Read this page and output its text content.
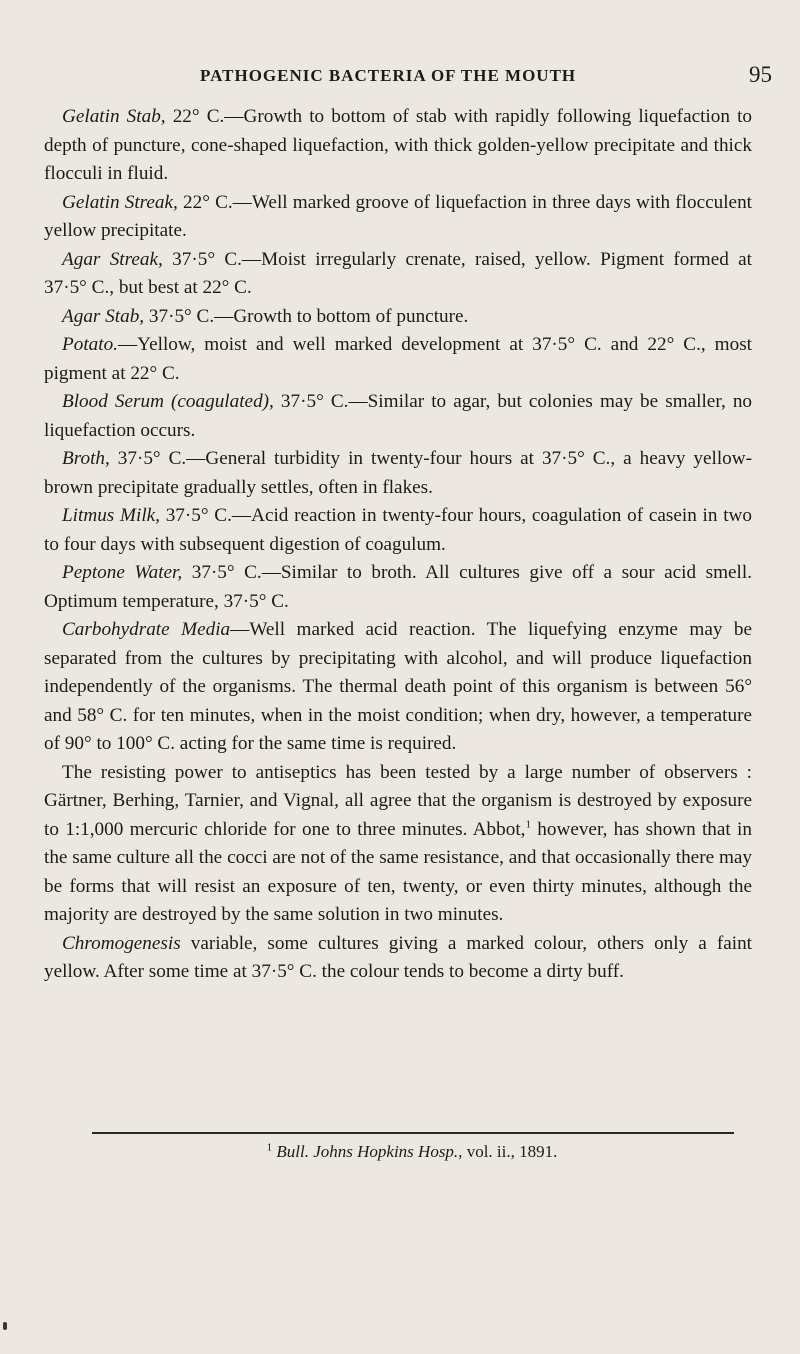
PATHOGENIC BACTERIA OF THE MOUTH	95

Gelatin Stab, 22° C.—Growth to bottom of stab with rapidly following liquefaction to depth of puncture, cone-shaped liquefaction, with thick golden-yellow precipitate and thick flocculi in fluid.

Gelatin Streak, 22° C.—Well marked groove of liquefaction in three days with flocculent yellow precipitate.

Agar Streak, 37·5° C.—Moist irregularly crenate, raised, yellow. Pigment formed at 37·5° C., but best at 22° C.

Agar Stab, 37·5° C.—Growth to bottom of puncture.

Potato.—Yellow, moist and well marked development at 37·5° C. and 22° C., most pigment at 22° C.

Blood Serum (coagulated), 37·5° C.—Similar to agar, but colonies may be smaller, no liquefaction occurs.

Broth, 37·5° C.—General turbidity in twenty-four hours at 37·5° C., a heavy yellow-brown precipitate gradually settles, often in flakes.

Litmus Milk, 37·5° C.—Acid reaction in twenty-four hours, coagulation of casein in two to four days with subsequent digestion of coagulum.

Peptone Water, 37·5° C.—Similar to broth. All cultures give off a sour acid smell. Optimum temperature, 37·5° C.

Carbohydrate Media—Well marked acid reaction. The liquefying enzyme may be separated from the cultures by precipitating with alcohol, and will produce liquefaction independently of the organisms. The thermal death point of this organism is between 56° and 58° C. for ten minutes, when in the moist condition; when dry, however, a temperature of 90° to 100° C. acting for the same time is required.

The resisting power to antiseptics has been tested by a large number of observers : Gärtner, Berhing, Tarnier, and Vignal, all agree that the organism is destroyed by exposure to 1:1,000 mercuric chloride for one to three minutes. Abbot,$^1$ however, has shown that in the same culture all the cocci are not of the same resistance, and that occasionally there may be forms that will resist an exposure of ten, twenty, or even thirty minutes, although the majority are destroyed by the same solution in two minutes.

Chromogenesis variable, some cultures giving a marked colour, others only a faint yellow. After some time at 37·5° C. the colour tends to become a dirty buff.

$^1$ Bull. Johns Hopkins Hosp., vol. ii., 1891.
